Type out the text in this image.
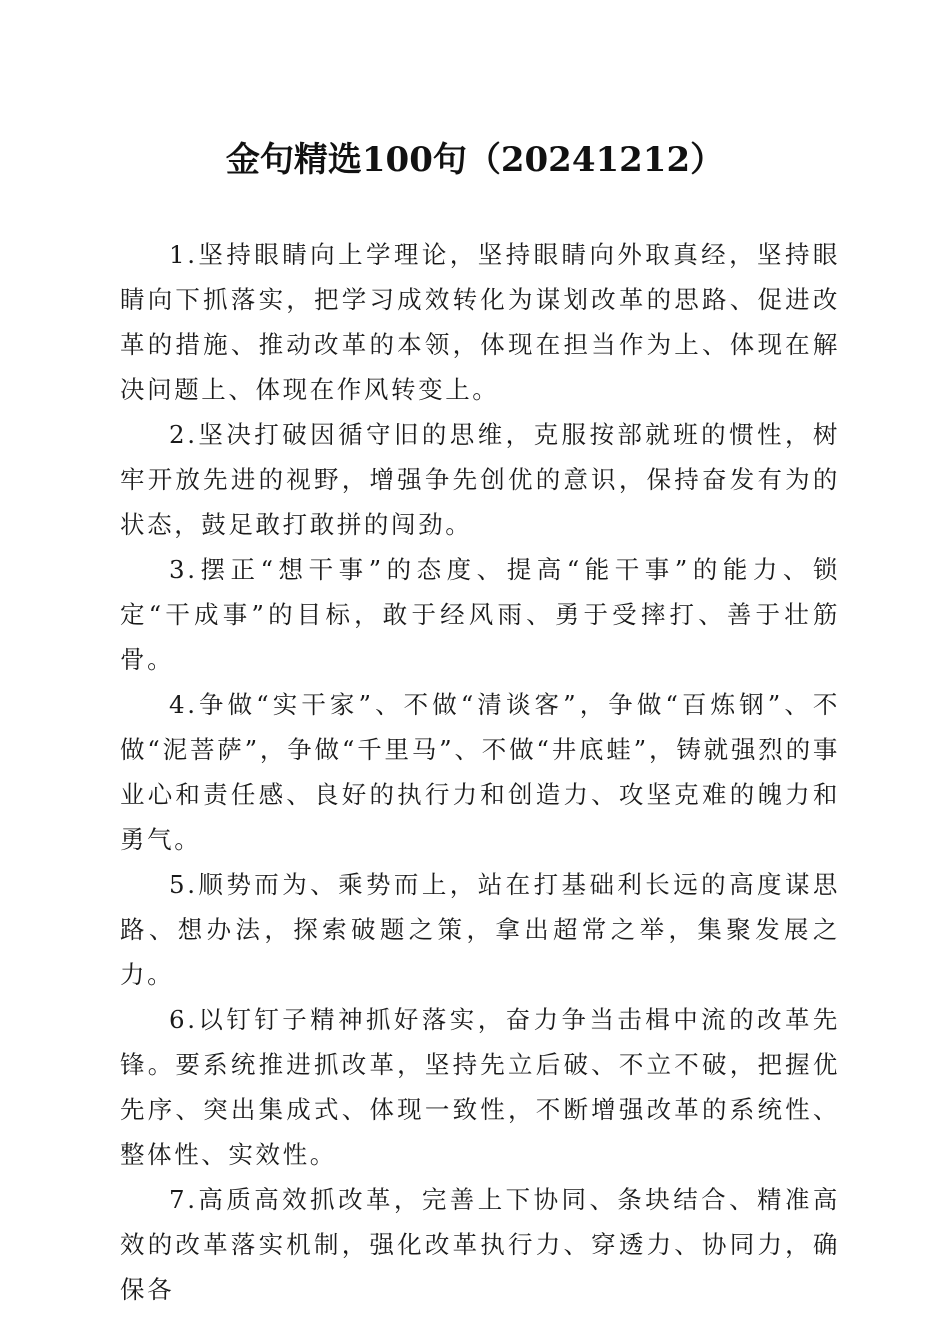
金句精选100句（20241212）

1.坚持眼睛向上学理论，坚持眼睛向外取真经，坚持眼睛向下抓落实，把学习成效转化为谋划改革的思路、促进改革的措施、推动改革的本领，体现在担当作为上、体现在解决问题上、体现在作风转变上。

2.坚决打破因循守旧的思维，克服按部就班的惯性，树牢开放先进的视野，增强争先创优的意识，保持奋发有为的状态，鼓足敢打敢拼的闯劲。

3.摆正“想干事”的态度、提高“能干事”的能力、锁定“干成事”的目标，敢于经风雨、勇于受摔打、善于壮筋骨。

4.争做“实干家”、不做“清谈客”，争做“百炼钢”、不做“泥菩萨”，争做“千里马”、不做“井底蛙”，铸就强烈的事业心和责任感、良好的执行力和创造力、攻坚克难的魄力和勇气。

5.顺势而为、乘势而上，站在打基础利长远的高度谋思路、想办法，探索破题之策，拿出超常之举，集聚发展之力。

6.以钉钉子精神抓好落实，奋力争当击楫中流的改革先锋。要系统推进抓改革，坚持先立后破、不立不破，把握优先序、突出集成式、体现一致性，不断增强改革的系统性、整体性、实效性。

7.高质高效抓改革，完善上下协同、条块结合、精准高效的改革落实机制，强化改革执行力、穿透力、协同力，确保各
